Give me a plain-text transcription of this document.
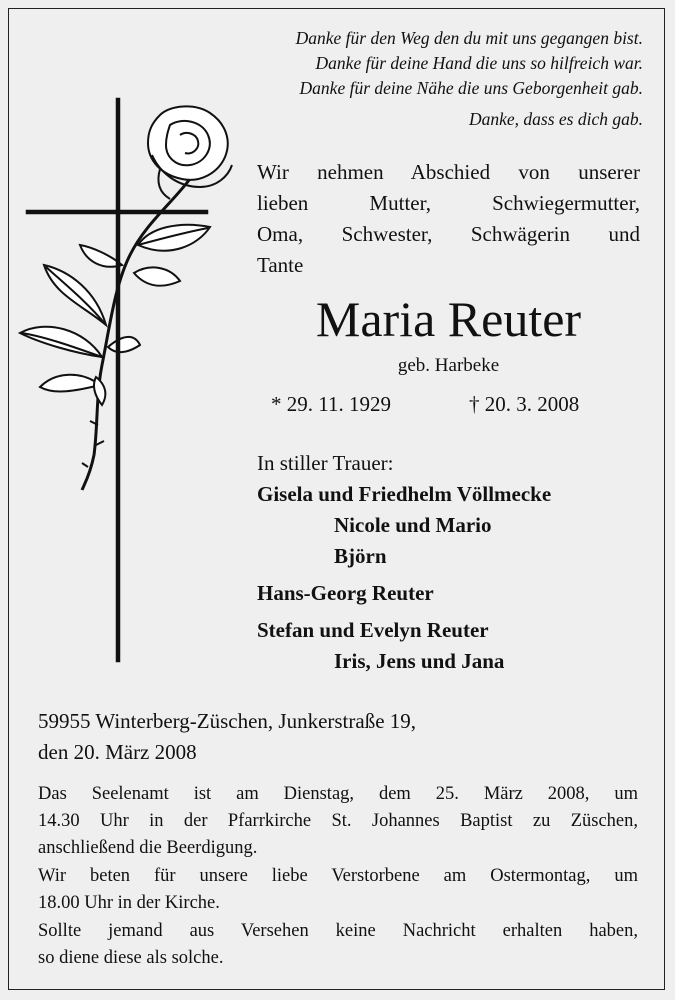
Danke für den Weg den du mit uns gegangen bist.
Danke für deine Hand die uns so hilfreich war.
Danke für deine Nähe die uns Geborgenheit gab.
Danke, dass es dich gab.
Wir nehmen Abschied von unserer
lieben Mutter, Schwiegermutter,
Oma, Schwester, Schwägerin und
Tante
Maria Reuter
geb. Harbeke
* 29. 11. 1929	† 20. 3. 2008
In stiller Trauer:
Gisela und Friedhelm Völlmecke
Nicole und Mario
Björn
Hans-Georg Reuter
Stefan und Evelyn Reuter
Iris, Jens und Jana
59955 Winterberg-Züschen, Junkerstraße 19,
den 20. März 2008

Das Seelenamt ist am Dienstag, dem 25. März 2008, um
14.30 Uhr in der Pfarrkirche St. Johannes Baptist zu Züschen,
anschließend die Beerdigung.

Wir beten für unsere liebe Verstorbene am Ostermontag, um
18.00 Uhr in der Kirche.

Sollte jemand aus Versehen keine Nachricht erhalten haben,
so diene diese als solche.
